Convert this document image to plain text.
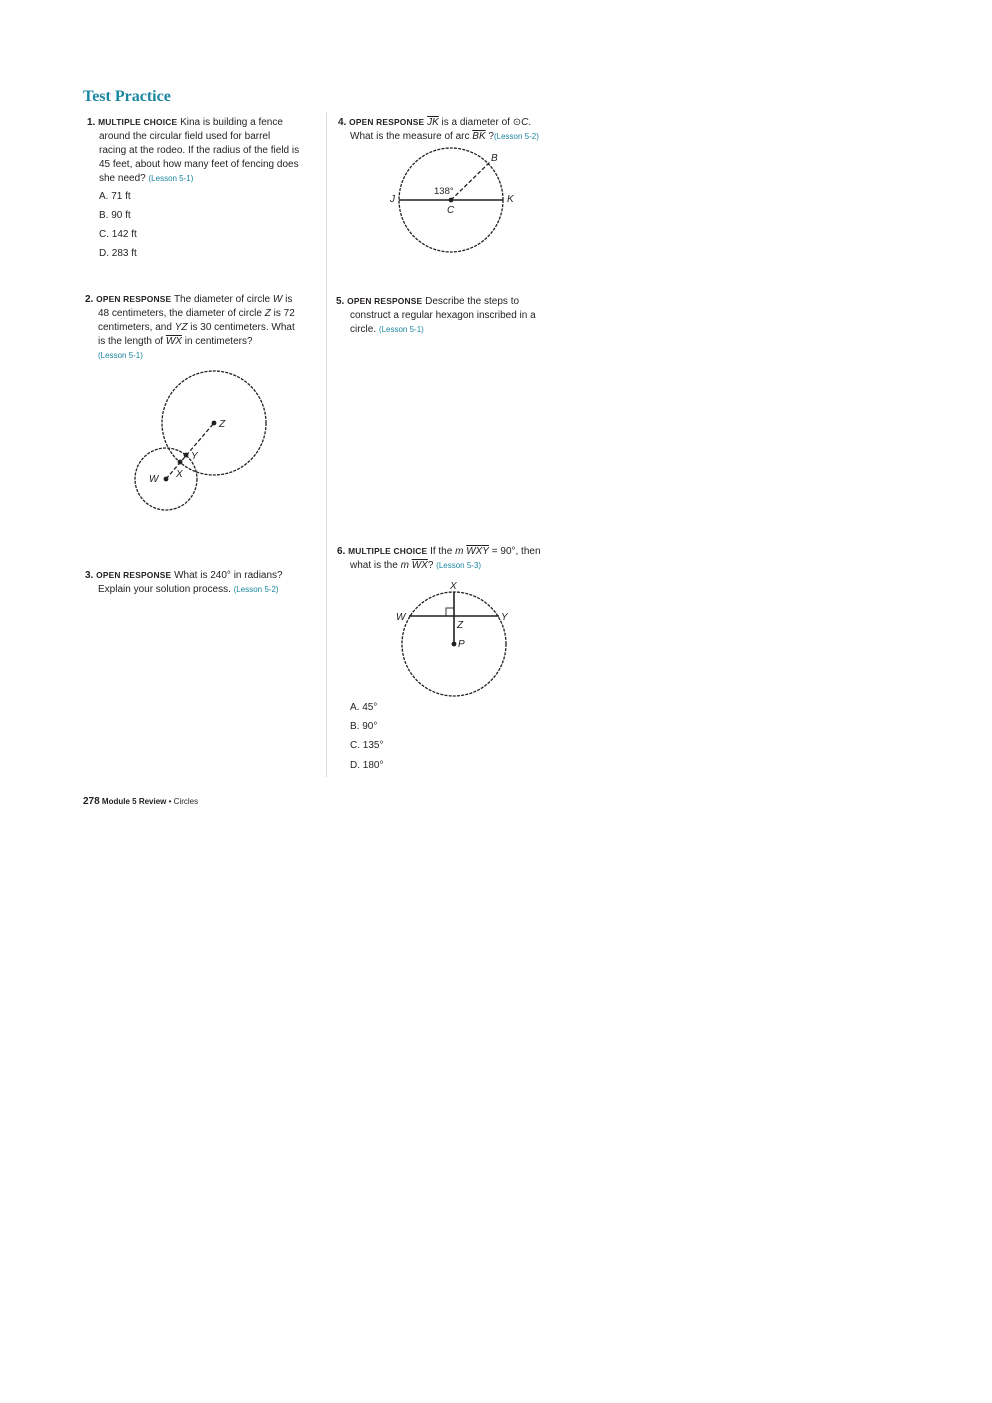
Test Practice
1. MULTIPLE CHOICE Kina is building a fence
around the circular field used for barrel
racing at the rodeo. If the radius of the field is
45 feet, about how many feet of fencing does
she need? (Lesson 5-1)
A. 71 ft
B. 90 ft
C. 142 ft
D. 283 ft
2. OPEN RESPONSE The diameter of circle W is
48 centimeters, the diameter of circle Z is 72
centimeters, and YZ is 30 centimeters. What
is the length of $\overline{WX}$ in centimeters?
(Lesson 5-1)
Z
Y
X
W
3. OPEN RESPONSE What is 240° in radians?
Explain your solution process. (Lesson 5-2)
4. OPEN RESPONSE $\overline{JK}$ is a diameter of ⊙C.
What is the measure of arc $\overline{BK}$ ?(Lesson 5-2)
B
J	K
C
138°
5. OPEN RESPONSE Describe the steps to
construct a regular hexagon inscribed in a
circle. (Lesson 5-1)
6. MULTIPLE CHOICE If the m $\overline{WXY} = 90^\circ$, then
what is the m $\overline{WX}$? (Lesson 5-3)
X
W	Y
Z
P
A. 45°
B. 90°
C. 135°
D. 180°
278 Module 5 Review • Circles
